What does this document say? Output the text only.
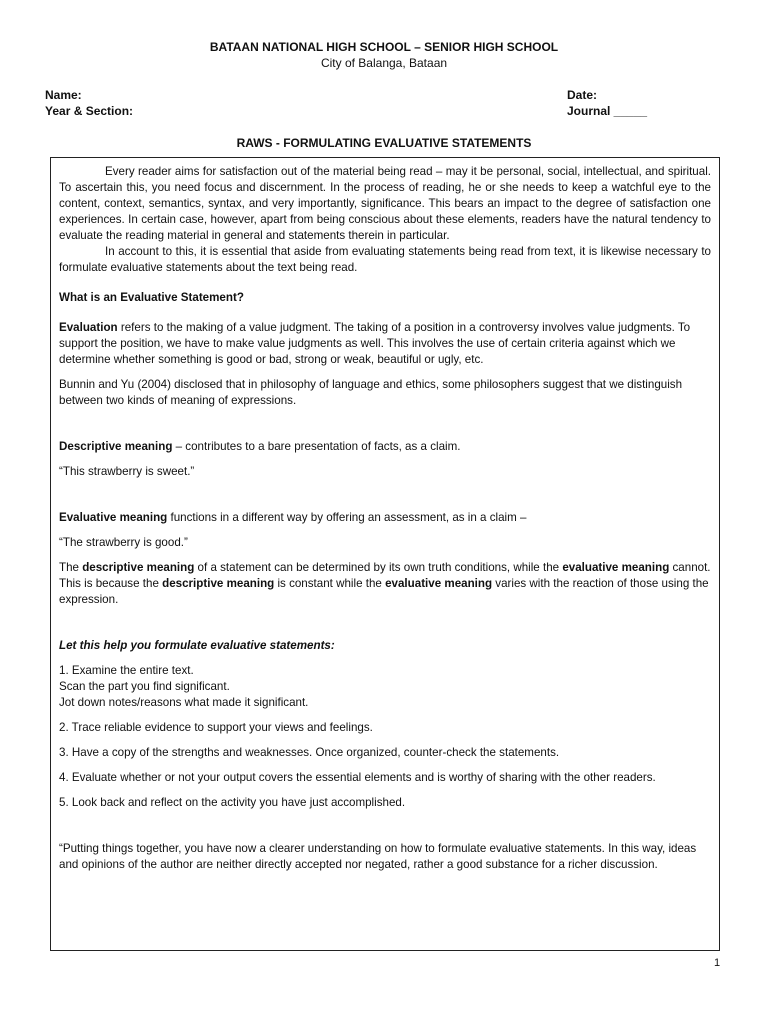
BATAAN NATIONAL HIGH SCHOOL – SENIOR HIGH SCHOOL
City of Balanga, Bataan
Name:	Date:
Year & Section:	Journal _____
RAWS - FORMULATING EVALUATIVE STATEMENTS

Every reader aims for satisfaction out of the material being read – may it be personal, social, intellectual, and spiritual. To ascertain this, you need focus and discernment. In the process of reading, he or she needs to keep a watchful eye to the content, context, semantics, syntax, and very importantly, significance. This bears an impact to the degree of satisfaction one experiences. In certain case, however, apart from being conscious about these elements, readers have the natural tendency to evaluate the reading material in general and statements therein in particular.

In account to this, it is essential that aside from evaluating statements being read from text, it is likewise necessary to formulate evaluative statements about the text being read.

What is an Evaluative Statement?

Evaluation refers to the making of a value judgment. The taking of a position in a controversy involves value judgments. To support the position, we have to make value judgments as well. This involves the use of certain criteria against which we determine whether something is good or bad, strong or weak, beautiful or ugly, etc.

Bunnin and Yu (2004) disclosed that in philosophy of language and ethics, some philosophers suggest that we distinguish between two kinds of meaning of expressions.

Descriptive meaning – contributes to a bare presentation of facts, as a claim.

“This strawberry is sweet.”

Evaluative meaning functions in a different way by offering an assessment, as in a claim –

“The strawberry is good.”

The descriptive meaning of a statement can be determined by its own truth conditions, while the evaluative meaning cannot. This is because the descriptive meaning is constant while the evaluative meaning varies with the reaction of those using the expression.

Let this help you formulate evaluative statements:

1. Examine the entire text.
Scan the part you find significant.
Jot down notes/reasons what made it significant.

2. Trace reliable evidence to support your views and feelings.

3. Have a copy of the strengths and weaknesses. Once organized, counter-check the statements.

4. Evaluate whether or not your output covers the essential elements and is worthy of sharing with the other readers.

5. Look back and reflect on the activity you have just accomplished.

“Putting things together, you have now a clearer understanding on how to formulate evaluative statements. In this way, ideas and opinions of the author are neither directly accepted nor negated, rather a good substance for a richer discussion.

1
